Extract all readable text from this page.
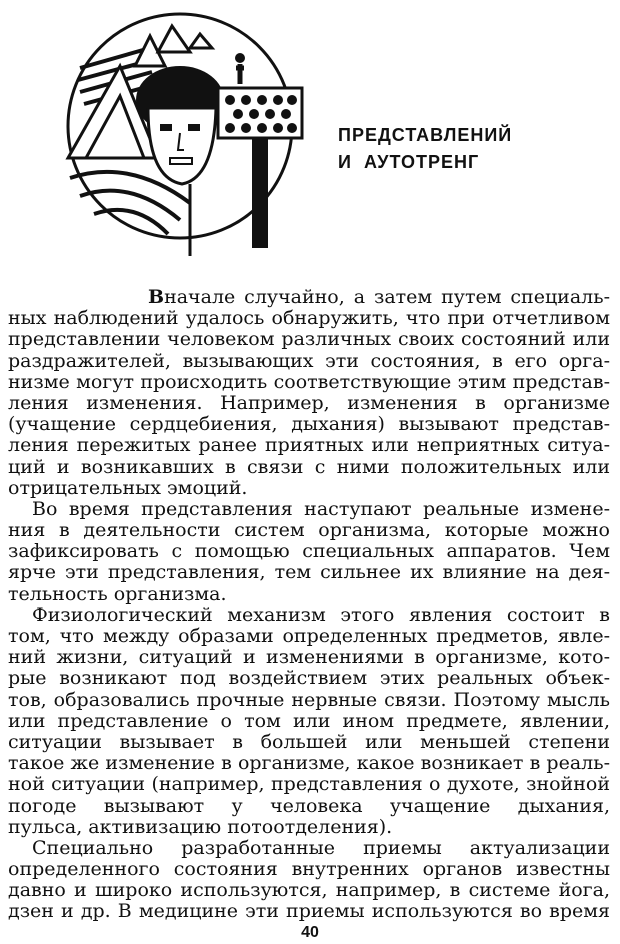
ПРЕДСТАВЛЕНИЙ
И  АУТОТРЕНГ
Вначале случайно, а затем путем специаль-
ных наблюдений удалось обнаружить, что при отчетливом
представлении человеком различных своих состояний или
раздражителей, вызывающих эти состояния, в его орга-
низме могут происходить соответствующие этим представ-
ления изменения. Например, изменения в организме
(учащение сердцебиения, дыхания) вызывают представ-
ления пережитых ранее приятных или неприятных ситуа-
ций и возникавших в связи с ними положительных или
отрицательных эмоций.
Во время представления наступают реальные измене-
ния в деятельности систем организма, которые можно
зафиксировать с помощью специальных аппаратов. Чем
ярче эти представления, тем сильнее их влияние на дея-
тельность организма.
Физиологический механизм этого явления состоит в
том, что между образами определенных предметов, явле-
ний жизни, ситуаций и изменениями в организме, кото-
рые возникают под воздействием этих реальных объек-
тов, образовались прочные нервные связи. Поэтому мысль
или представление о том или ином предмете, явлении,
ситуации вызывает в большей или меньшей степени
такое же изменение в организме, какое возникает в реаль-
ной ситуации (например, представления о духоте, знойной
погоде вызывают у человека учащение дыхания,
пульса, активизацию потоотделения).
Специально разработанные приемы актуализации
определенного состояния внутренних органов известны
давно и широко используются, например, в системе йога,
дзен и др. В медицине эти приемы используются во время
40
